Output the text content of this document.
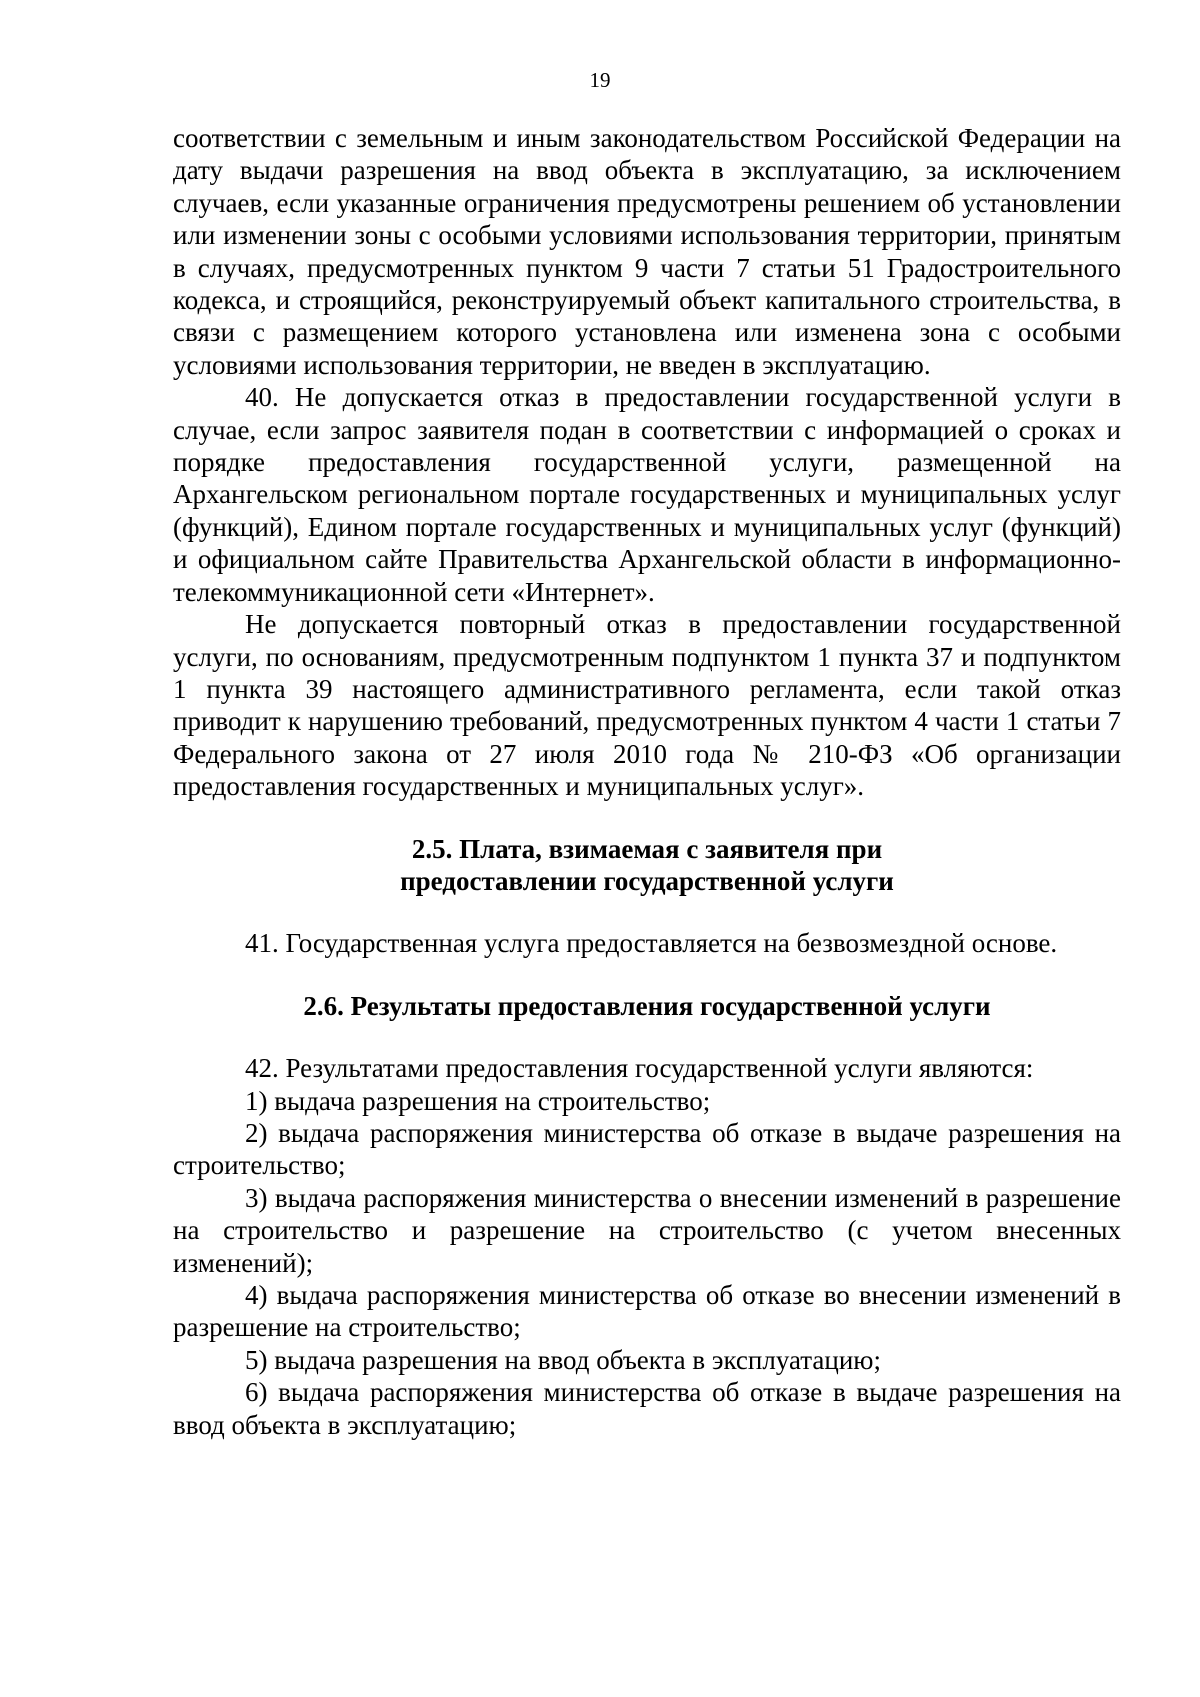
19

соответствии с земельным и иным законодательством Российской Федерации на дату выдачи разрешения на ввод объекта в эксплуатацию, за исключением случаев, если указанные ограничения предусмотрены решением об установлении или изменении зоны с особыми условиями использования территории, принятым в случаях, предусмотренных пунктом 9 части 7 статьи 51 Градостроительного кодекса, и строящийся, реконструируемый объект капитального строительства, в связи с размещением которого установлена или изменена зона с особыми условиями использования территории, не введен в эксплуатацию.

40. Не допускается отказ в предоставлении государственной услуги в случае, если запрос заявителя подан в соответствии с информацией о сроках и порядке предоставления государственной услуги, размещенной на Архангельском региональном портале государственных и муниципальных услуг (функций), Едином портале государственных и муниципальных услуг (функций) и официальном сайте Правительства Архангельской области в информационно-телекоммуникационной сети «Интернет».

Не допускается повторный отказ в предоставлении государственной услуги, по основаниям, предусмотренным подпунктом 1 пункта 37 и подпунктом 1 пункта 39 настоящего административного регламента, если такой отказ приводит к нарушению требований, предусмотренных пунктом 4 части 1 статьи 7 Федерального закона от 27 июля 2010 года № 210-ФЗ «Об организации предоставления государственных и муниципальных услуг».

2.5. Плата, взимаемая с заявителя при
предоставлении государственной услуги

41. Государственная услуга предоставляется на безвозмездной основе.

2.6. Результаты предоставления государственной услуги

42. Результатами предоставления государственной услуги являются:

1) выдача разрешения на строительство;

2) выдача распоряжения министерства об отказе в выдаче разрешения на строительство;

3) выдача распоряжения министерства о внесении изменений в разрешение на строительство и разрешение на строительство (с учетом внесенных изменений);

4) выдача распоряжения министерства об отказе во внесении изменений в разрешение на строительство;

5) выдача разрешения на ввод объекта в эксплуатацию;

6) выдача распоряжения министерства об отказе в выдаче разрешения на ввод объекта в эксплуатацию;
